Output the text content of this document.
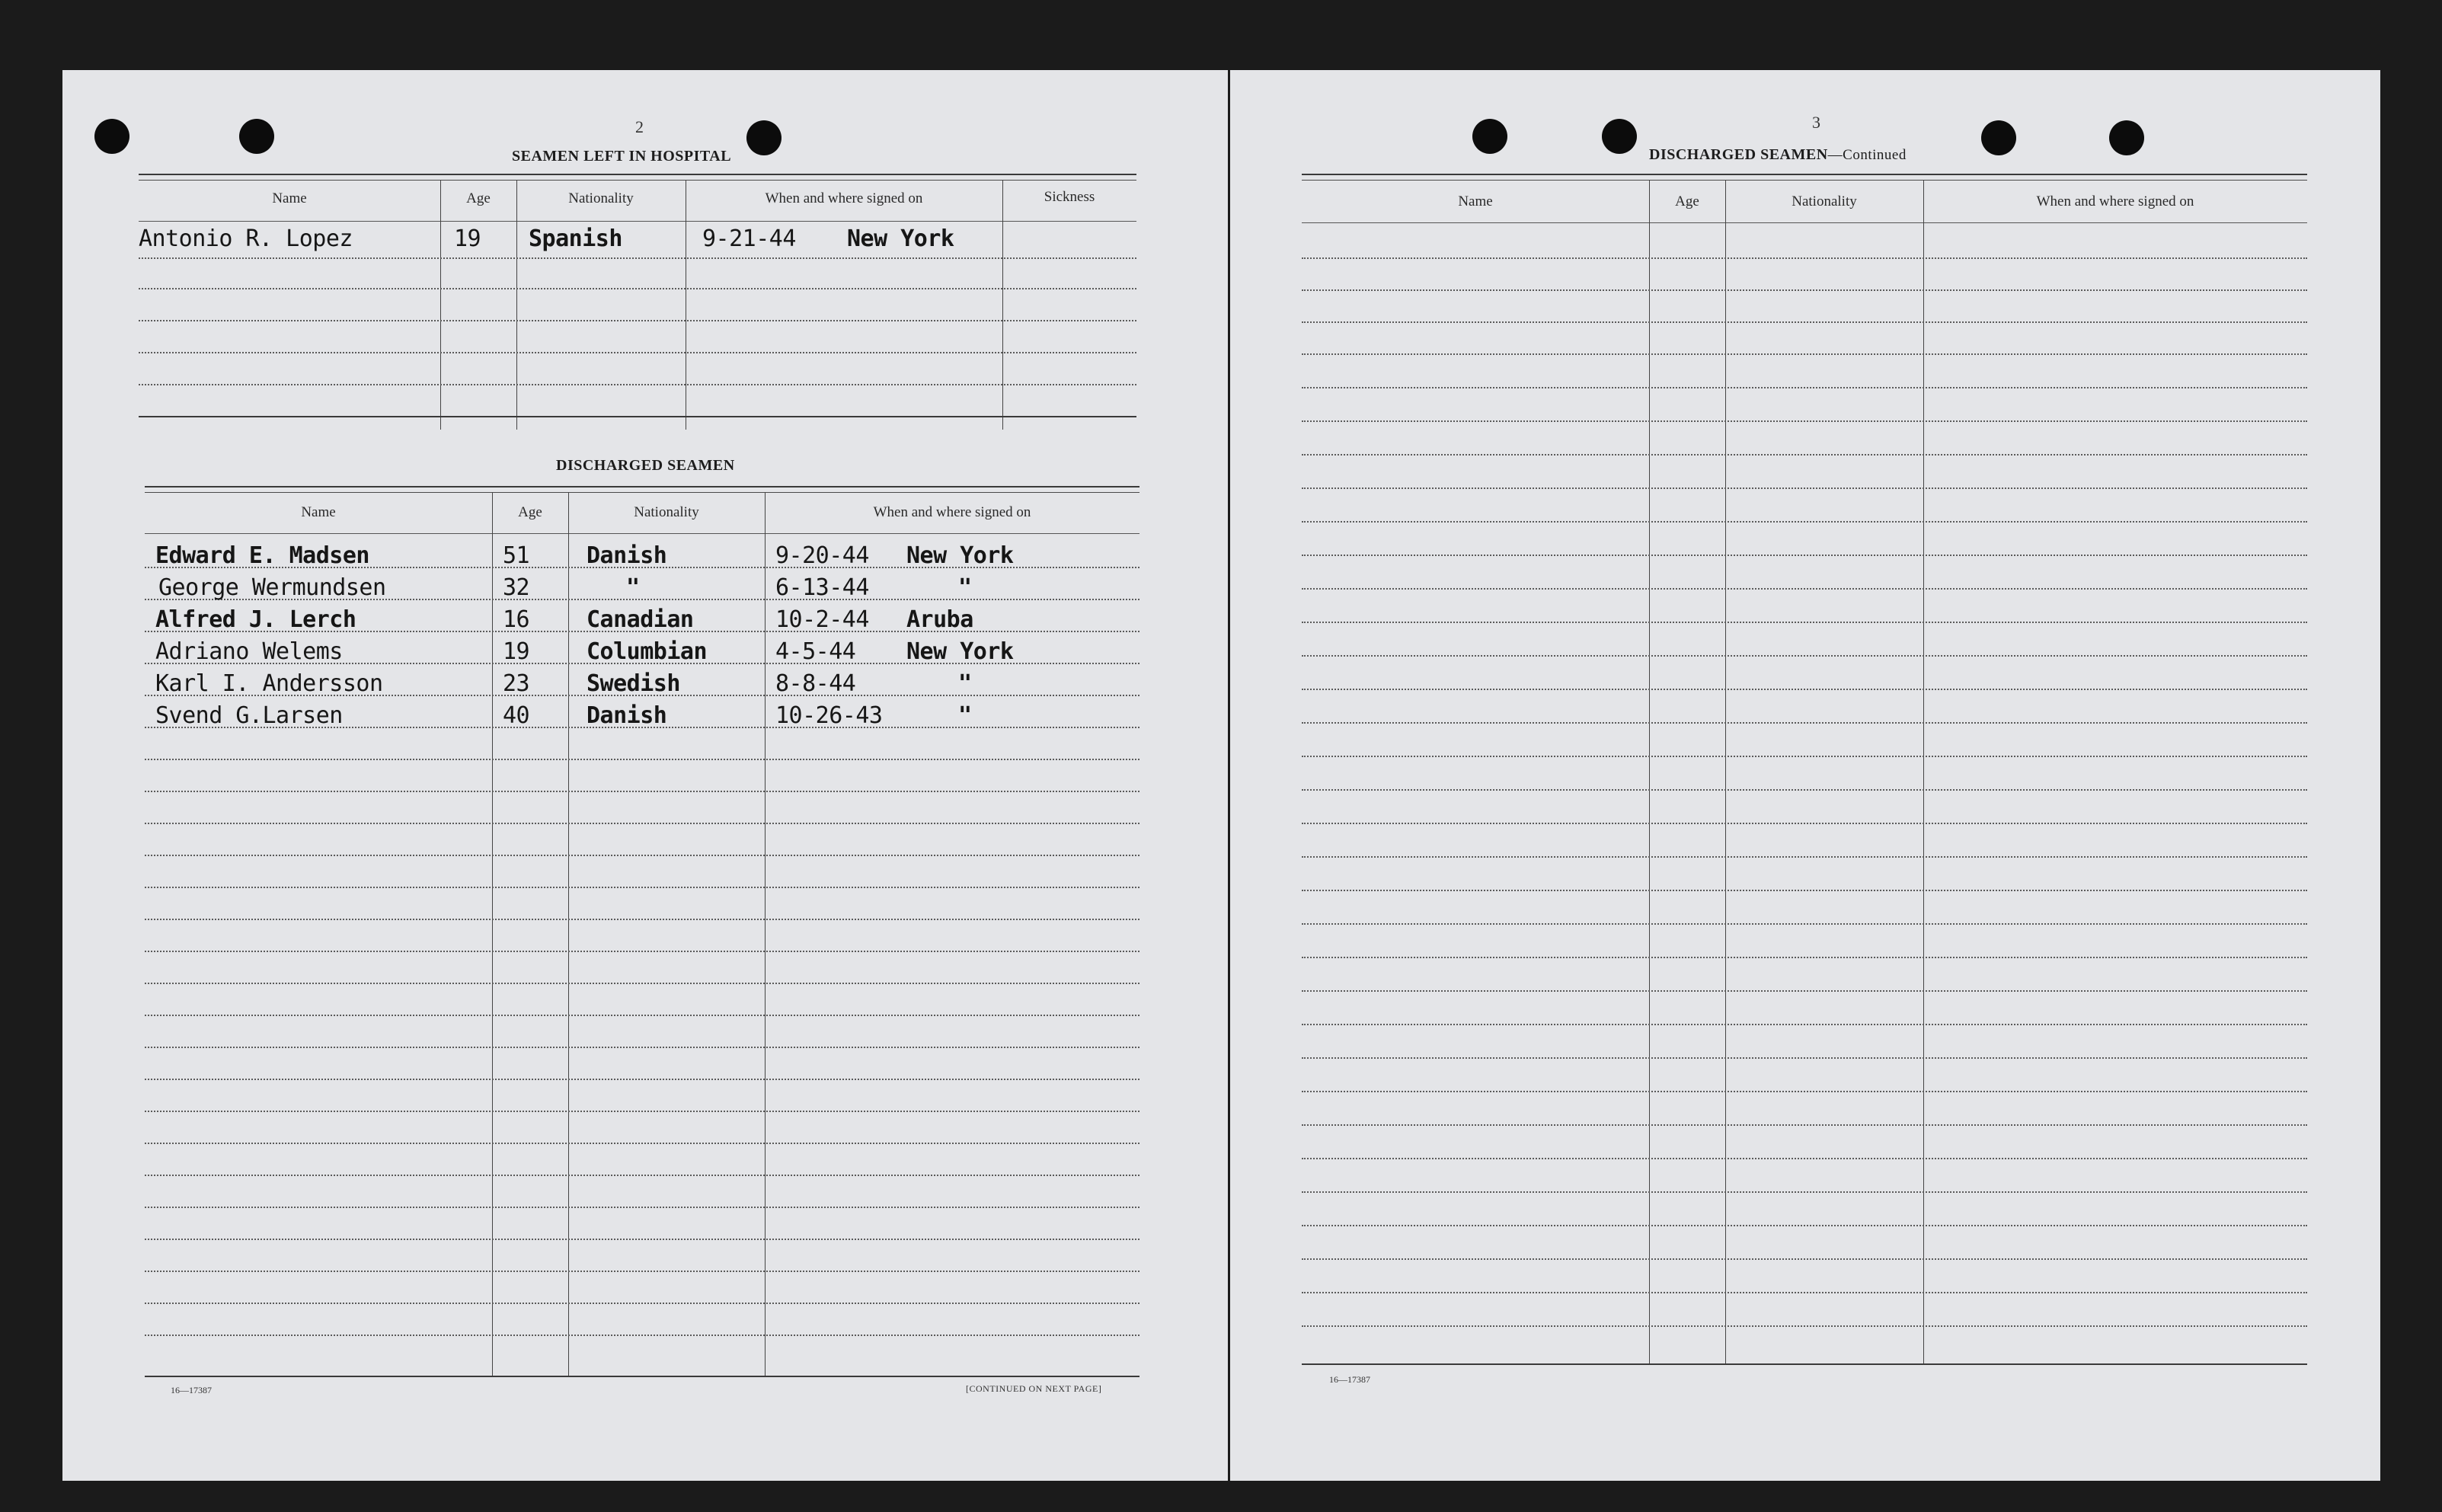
2
SEAMEN LEFT IN HOSPITAL
Name	Age	Nationality	When and where signed on	Sickness
Antonio R. Lopez	19 Spanish	9-21-44 New York
DISCHARGED SEAMEN
Name	Age	Nationality	When and where signed on
Edward E. Madsen	51 Danish	9-20-44 New York
George Wermundsen	32	"	6-13-44	"
Alfred J. Lerch	16 Canadian	10-2-44 Aruba
Adriano Welems	19 Columbian	4-5-44 New York
Karl I. Andersson	23 Swedish	8-8-44	"
Svend G.Larsen	40 Danish	10-26-43	"
16—17387	[CONTINUED ON NEXT PAGE]
3
DISCHARGED SEAMEN—Continued
Name	Age	Nationality	When and where signed on
16—17387
